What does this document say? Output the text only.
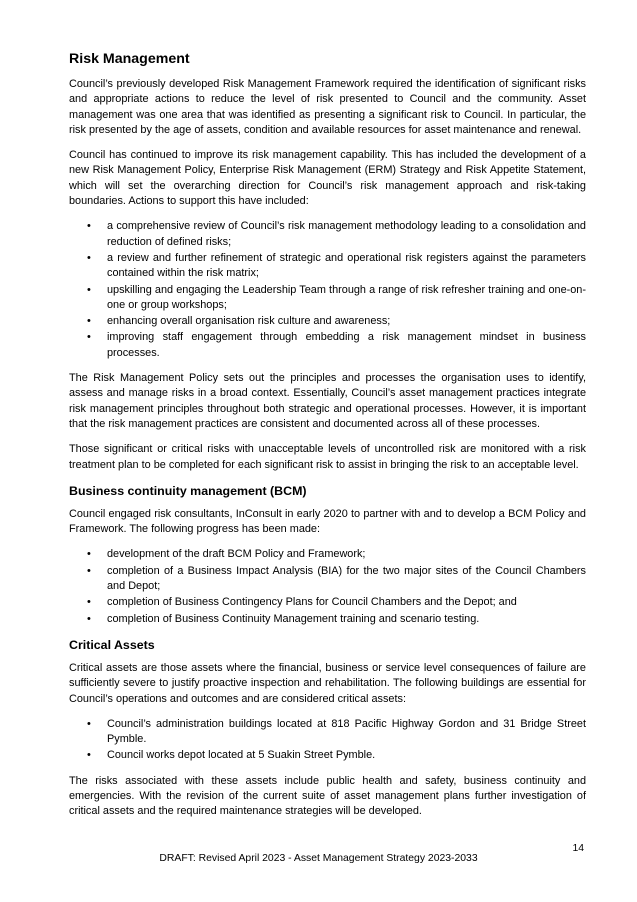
Risk Management

Council’s previously developed Risk Management Framework required the identification of significant risks and appropriate actions to reduce the level of risk presented to Council and the community. Asset management was one area that was identified as presenting a significant risk to Council. In particular, the risk presented by the age of assets, condition and available resources for asset maintenance and renewal.

Council has continued to improve its risk management capability. This has included the development of a new Risk Management Policy, Enterprise Risk Management (ERM) Strategy and Risk Appetite Statement, which will set the overarching direction for Council’s risk management approach and risk-taking boundaries. Actions to support this have included:

• a comprehensive review of Council’s risk management methodology leading to a consolidation and reduction of defined risks;
• a review and further refinement of strategic and operational risk registers against the parameters contained within the risk matrix;
• upskilling and engaging the Leadership Team through a range of risk refresher training and one-on-one or group workshops;
• enhancing overall organisation risk culture and awareness;
• improving staff engagement through embedding a risk management mindset in business processes.

The Risk Management Policy sets out the principles and processes the organisation uses to identify, assess and manage risks in a broad context. Essentially, Council’s asset management practices integrate risk management principles throughout both strategic and operational processes. However, it is important that the risk management practices are consistent and documented across all of these processes.

Those significant or critical risks with unacceptable levels of uncontrolled risk are monitored with a risk treatment plan to be completed for each significant risk to assist in bringing the risk to an acceptable level.

Business continuity management (BCM)

Council engaged risk consultants, InConsult in early 2020 to partner with and to develop a BCM Policy and Framework. The following progress has been made:

• development of the draft BCM Policy and Framework;
• completion of a Business Impact Analysis (BIA) for the two major sites of the Council Chambers and Depot;
• completion of Business Contingency Plans for Council Chambers and the Depot; and
• completion of Business Continuity Management training and scenario testing.
Critical Assets

Critical assets are those assets where the financial, business or service level consequences of failure are sufficiently severe to justify proactive inspection and rehabilitation. The following buildings are essential for Council’s operations and outcomes and are considered critical assets:

• Council’s administration buildings located at 818 Pacific Highway Gordon and 31 Bridge Street Pymble.
• Council works depot located at 5 Suakin Street Pymble.

The risks associated with these assets include public health and safety, business continuity and emergencies. With the revision of the current suite of asset management plans further investigation of critical assets and the required maintenance strategies will be developed.

14
DRAFT: Revised April 2023 - Asset Management Strategy 2023-2033
